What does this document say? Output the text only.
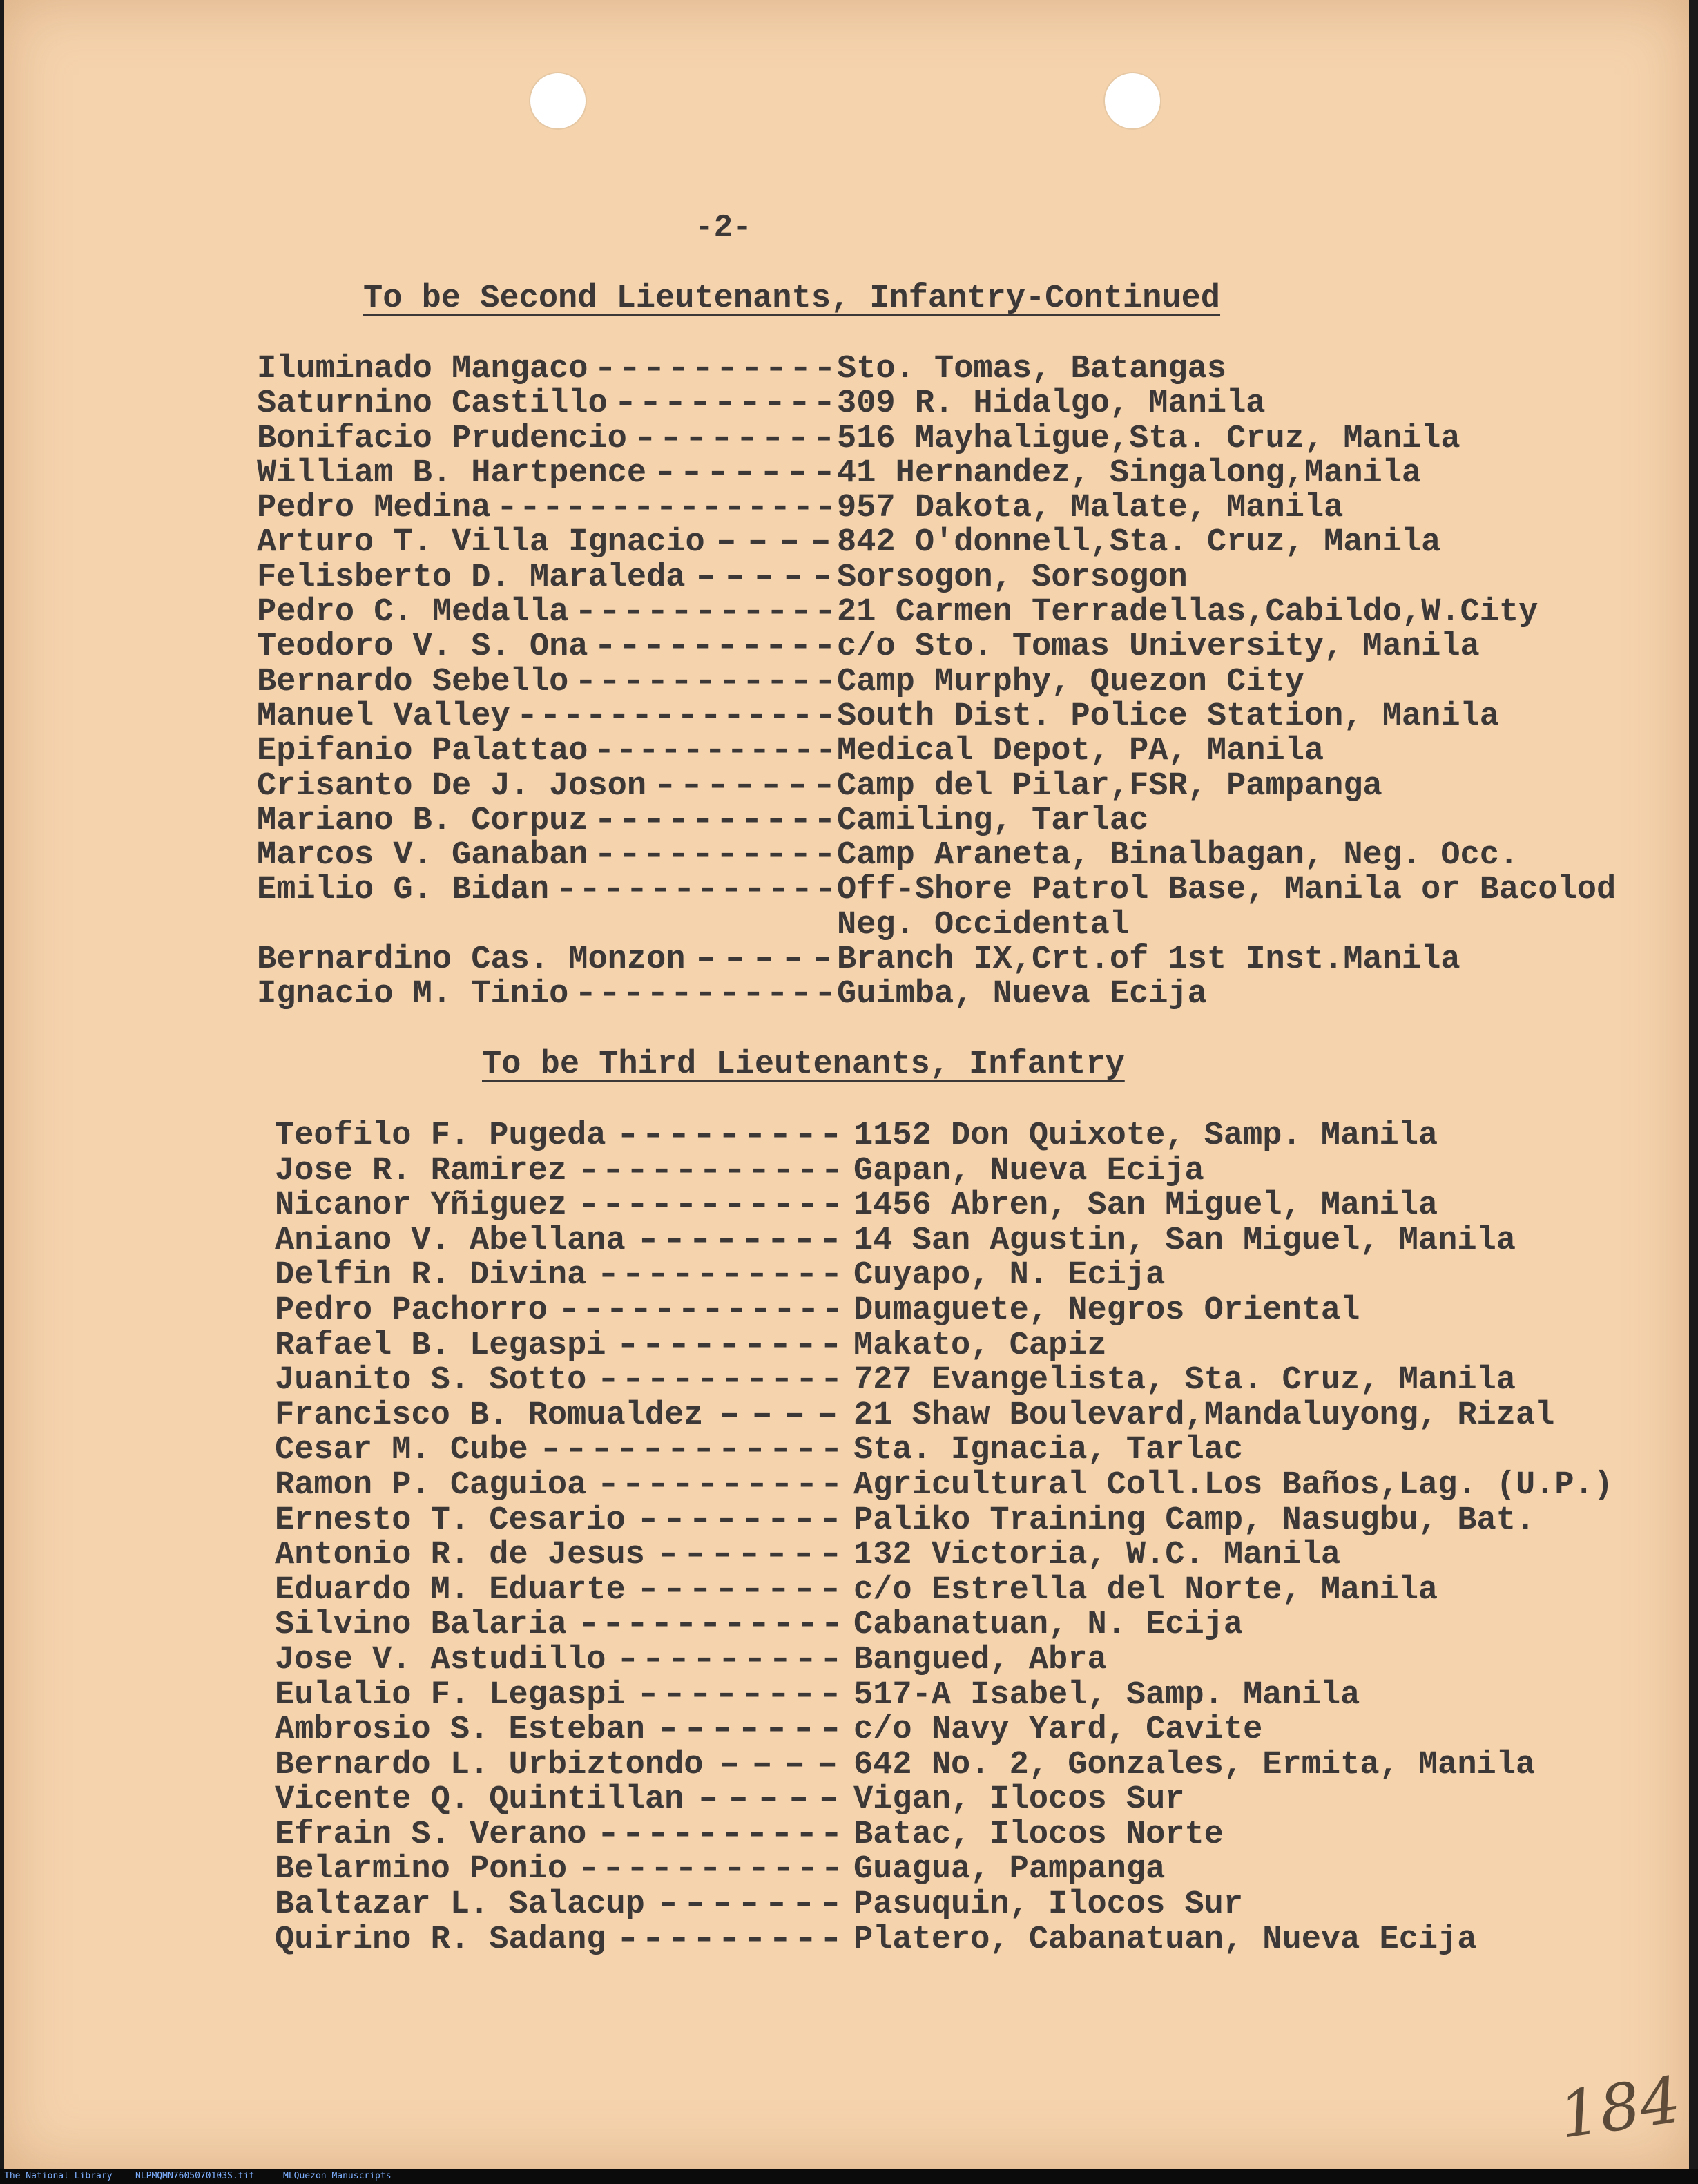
-2-
To be Second Lieutenants, Infantry-Continued
Iluminado Mangaco ---------- Sto. Tomas, Batangas
Saturnino Castillo --------- 309 R. Hidalgo, Manila
Bonifacio Prudencio -------- 516 Mayhaligue,Sta. Cruz, Manila
William B. Hartpence ------- 41 Hernandez, Singalong,Manila
Pedro Medina --------------- 957 Dakota, Malate, Manila
Arturo T. Villa Ignacio ---- 842 O'donnell,Sta. Cruz, Manila
Felisberto D. Maraleda ----- Sorsogon, Sorsogon
Pedro C. Medalla ----------- 21 Carmen Terradellas,Cabildo,W.City
Teodoro V. S. Ona ---------- c/o Sto. Tomas University, Manila
Bernardo Sebello ----------- Camp Murphy, Quezon City
Manuel Valley -------------- South Dist. Police Station, Manila
Epifanio Palattao ----------- Medical Depot, PA, Manila
Crisanto De J. Joson ------- Camp del Pilar,FSR, Pampanga
Mariano B. Corpuz ---------- Camiling, Tarlac
Marcos V. Ganaban ---------- Camp Araneta, Binalbagan, Neg. Occ.
Emilio G. Bidan ------------ Off-Shore Patrol Base, Manila or Bacolod
Neg. Occidental
Bernardino Cas. Monzon ----- Branch IX,Crt.of 1st Inst.Manila
Ignacio M. Tinio ----------- Guimba, Nueva Ecija
To be Third Lieutenants, Infantry
Teofilo F. Pugeda --------- 1152 Don Quixote, Samp. Manila
Jose R. Ramirez ----------- Gapan, Nueva Ecija
Nicanor Yñiguez ----------- 1456 Abren, San Miguel, Manila
Aniano V. Abellana -------- 14 San Agustin, San Miguel, Manila
Delfin R. Divina ---------- Cuyapo, N. Ecija
Pedro Pachorro ------------ Dumaguete, Negros Oriental
Rafael B. Legaspi --------- Makato, Capiz
Juanito S. Sotto ---------- 727 Evangelista, Sta. Cruz, Manila
Francisco B. Romualdez ---- 21 Shaw Boulevard,Mandaluyong, Rizal
Cesar M. Cube ------------ Sta. Ignacia, Tarlac
Ramon P. Caguioa ---------- Agricultural Coll.Los Baños,Lag. (U.P.)
Ernesto T. Cesario -------- Paliko Training Camp, Nasugbu, Bat.
Antonio R. de Jesus ------- 132 Victoria, W.C. Manila
Eduardo M. Eduarte -------- c/o Estrella del Norte, Manila
Silvino Balaria ----------- Cabanatuan, N. Ecija
Jose V. Astudillo --------- Bangued, Abra
Eulalio F. Legaspi -------- 517-A Isabel, Samp. Manila
Ambrosio S. Esteban ------- c/o Navy Yard, Cavite
Bernardo L. Urbiztondo ---- 642 No. 2, Gonzales, Ermita, Manila
Vicente Q. Quintillan ----- Vigan, Ilocos Sur
Efrain S. Verano ---------- Batac, Ilocos Norte
Belarmino Ponio ----------- Guagua, Pampanga
Baltazar L. Salacup ------- Pasuquin, Ilocos Sur
Quirino R. Sadang --------- Platero, Cabanatuan, Nueva Ecija
184
The National Library	NLPMQMN7605070103S.tif	MLQuezon Manuscripts
